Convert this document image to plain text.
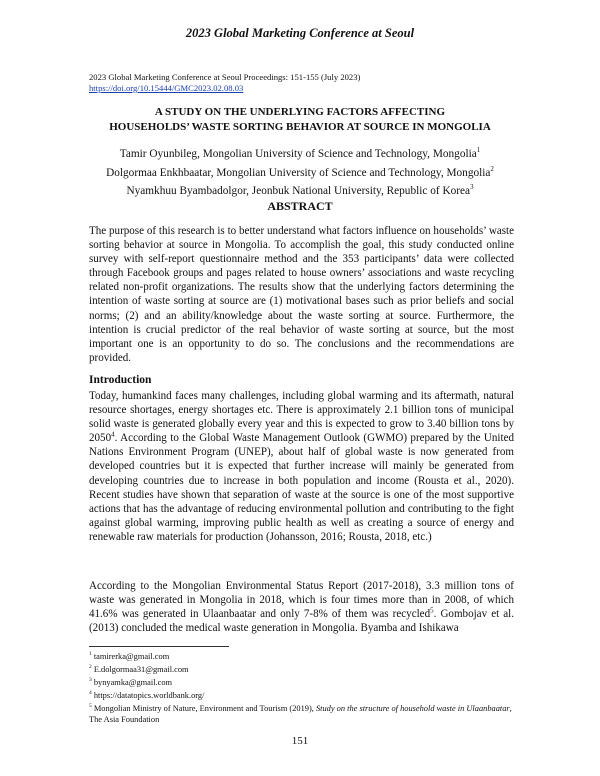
2023 Global Marketing Conference at Seoul
2023 Global Marketing Conference at Seoul Proceedings: 151-155 (July 2023)
https://doi.org/10.15444/GMC2023.02.08.03
A STUDY ON THE UNDERLYING FACTORS AFFECTING
HOUSEHOLDS’ WASTE SORTING BEHAVIOR AT SOURCE IN MONGOLIA
Tamir Oyunbileg, Mongolian University of Science and Technology, Mongolia$^1$
Dolgormaa Enkhbaatar, Mongolian University of Science and Technology, Mongolia$^2$
Nyamkhuu Byambadolgor, Jeonbuk National University, Republic of Korea$^3$
ABSTRACT
The purpose of this research is to better understand what factors influence on households’ waste sorting behavior at source in Mongolia. To accomplish the goal, this study conducted online survey with self-report questionnaire method and the 353 participants’ data were collected through Facebook groups and pages related to house owners’ associations and waste recycling related non-profit organizations. The results show that the underlying factors determining the intention of waste sorting at source are (1) motivational bases such as prior beliefs and social norms; (2) and an ability/knowledge about the waste sorting at source. Furthermore, the intention is crucial predictor of the real behavior of waste sorting at source, but the most important one is an opportunity to do so. The conclusions and the recommendations are provided.
Introduction
Today, humankind faces many challenges, including global warming and its aftermath, natural resource shortages, energy shortages etc. There is approximately 2.1 billion tons of municipal solid waste is generated globally every year and this is expected to grow to 3.40 billion tons by 2050$^4$. According to the Global Waste Management Outlook (GWMO) prepared by the United Nations Environment Program (UNEP), about half of global waste is now generated from developed countries but it is expected that further increase will mainly be generated from developing countries due to increase in both population and income (Rousta et al., 2020). Recent studies have shown that separation of waste at the source is one of the most supportive actions that has the advantage of reducing environmental pollution and contributing to the fight against global warming, improving public health as well as creating a source of energy and renewable raw materials for production (Johansson, 2016; Rousta, 2018, etc.)
According to the Mongolian Environmental Status Report (2017-2018), 3.3 million tons of waste was generated in Mongolia in 2018, which is four times more than in 2008, of which 41.6% was generated in Ulaanbaatar and only 7-8% of them was recycled$^5$. Gombojav et al. (2013) concluded the medical waste generation in Mongolia. Byamba and Ishikawa
$^1$ tamirerka@gmail.com
$^2$ E.dolgormaa31@gmail.com
$^3$ bynyamka@gmail.com
$^4$ https://datatopics.worldbank.org/
$^5$ Mongolian Ministry of Nature, Environment and Tourism (2019), Study on the structure of household waste in Ulaanbaatar, The Asia Foundation
151
